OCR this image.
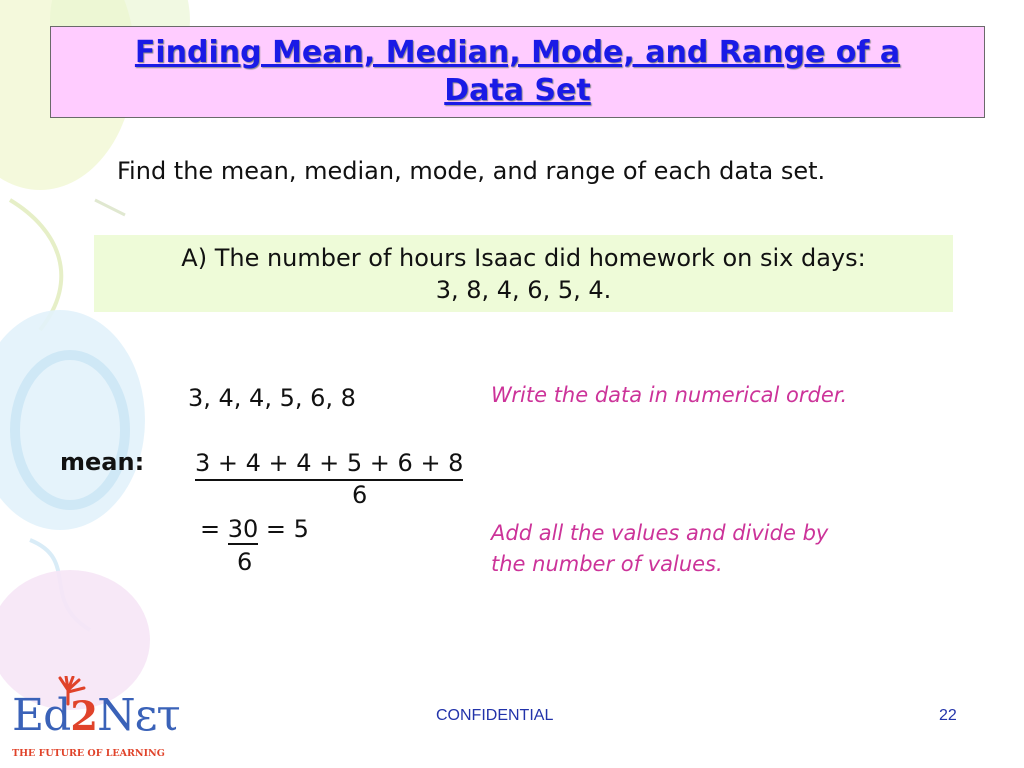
Finding Mean, Median, Mode, and Range of a
Data Set
Find the mean, median, mode, and range of each data set.
A) The number of hours Isaac did homework on six days:
3, 8, 4, 6, 5, 4.
3, 4, 4, 5, 6, 8	Write the data in numerical order.
mean: 3 + 4 + 4 + 5 + 6 + 8
6
= 30 = 5
6
Add all the values and divide by
the number of values.
Ed2Nετ
THE FUTURE OF LEARNING
CONFIDENTIAL	22
